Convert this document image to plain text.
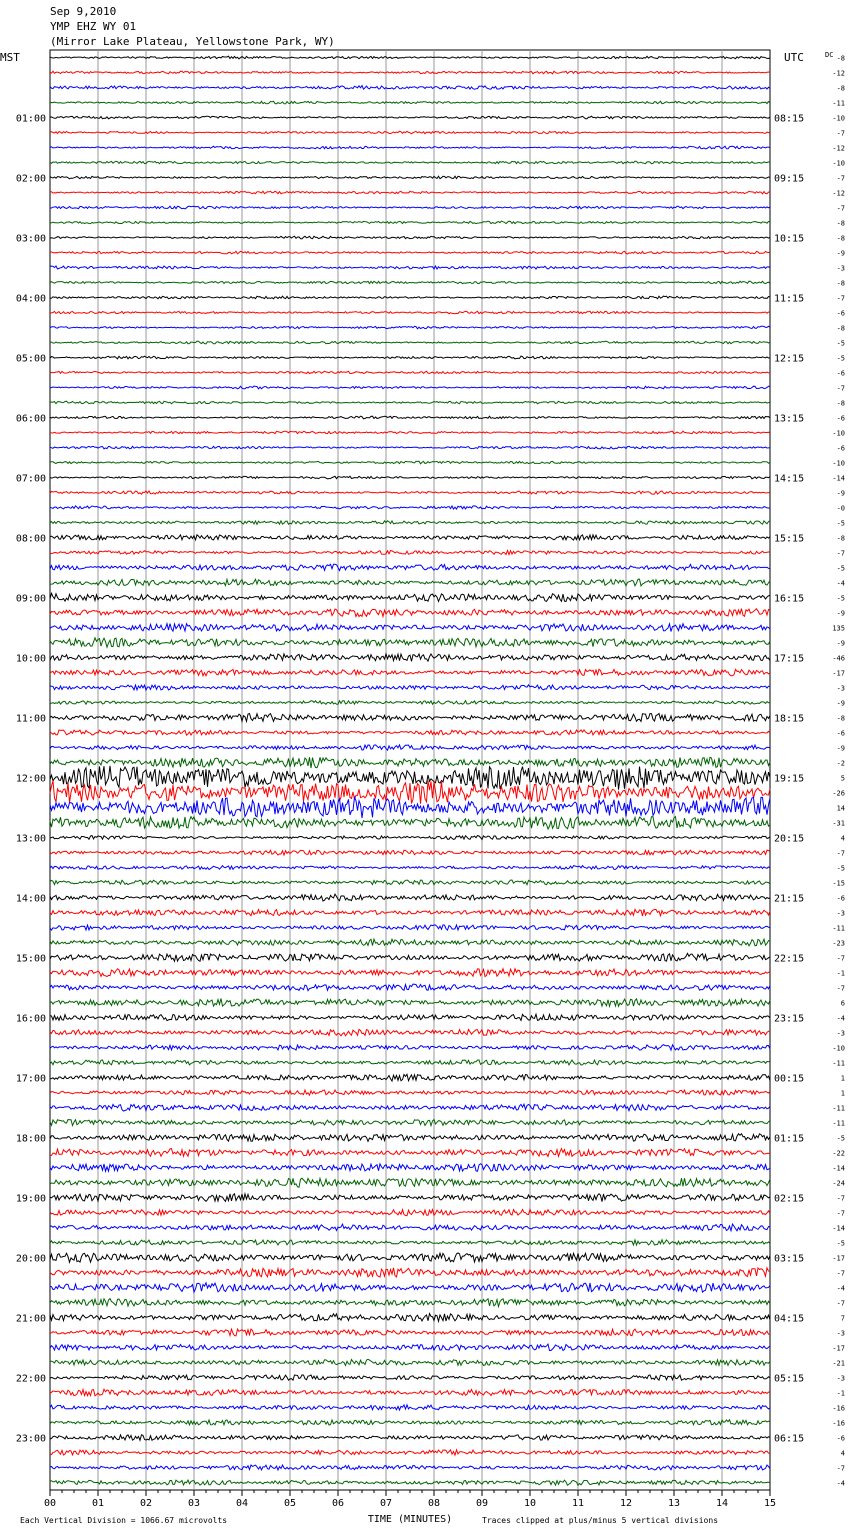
Sep 9,2010
YMP EHZ WY 01
(Mirror Lake Plateau, Yellowstone Park, WY)
MST	UTC	DC
00	01	02	03	04	05	06	07	08	09	10	11	12	13	14	15
TIME (MINUTES)
-8
-12
-8
-11
-10
-7
-12
-10
-7
-12
-7
-8
-8
-9
-3
-8
-7
-6
-8
-5
-5
-6
-7
-8
-6
-10
-6
-10
-14
-9
-0
-5
-8
-7
-5
-4
-5
-9
135
-9
-46
-17
-3
-9
-8
-6
-9
-2
5
-26
14
-31
4
-7
-5
-15
-6
-3
-11
-23
-7
-1
-7
6
-4
-3
-10
-11
1
1
-11
-11
-5
-22
-14
-24
-7
-7
-14
-5
-17
-7
-4
-7
7
-3
-17
-21
-3
-1
-16
-16
-6
4
-7
-4
01:00
02:00
03:00
04:00
05:00
06:00
07:00
08:00
09:00
10:00
11:00
12:00
13:00
14:00
15:00
16:00
17:00
18:00
19:00
20:00
21:00
22:00
23:00
08:15
09:15
10:15
11:15
12:15
13:15
14:15
15:15
16:15
17:15
18:15
19:15
20:15
21:15
22:15
23:15
00:15
01:15
02:15
03:15
04:15
05:15
06:15
Each Vertical Division = 1066.67 microvolts	Traces clipped at plus/minus 5 vertical divisions
